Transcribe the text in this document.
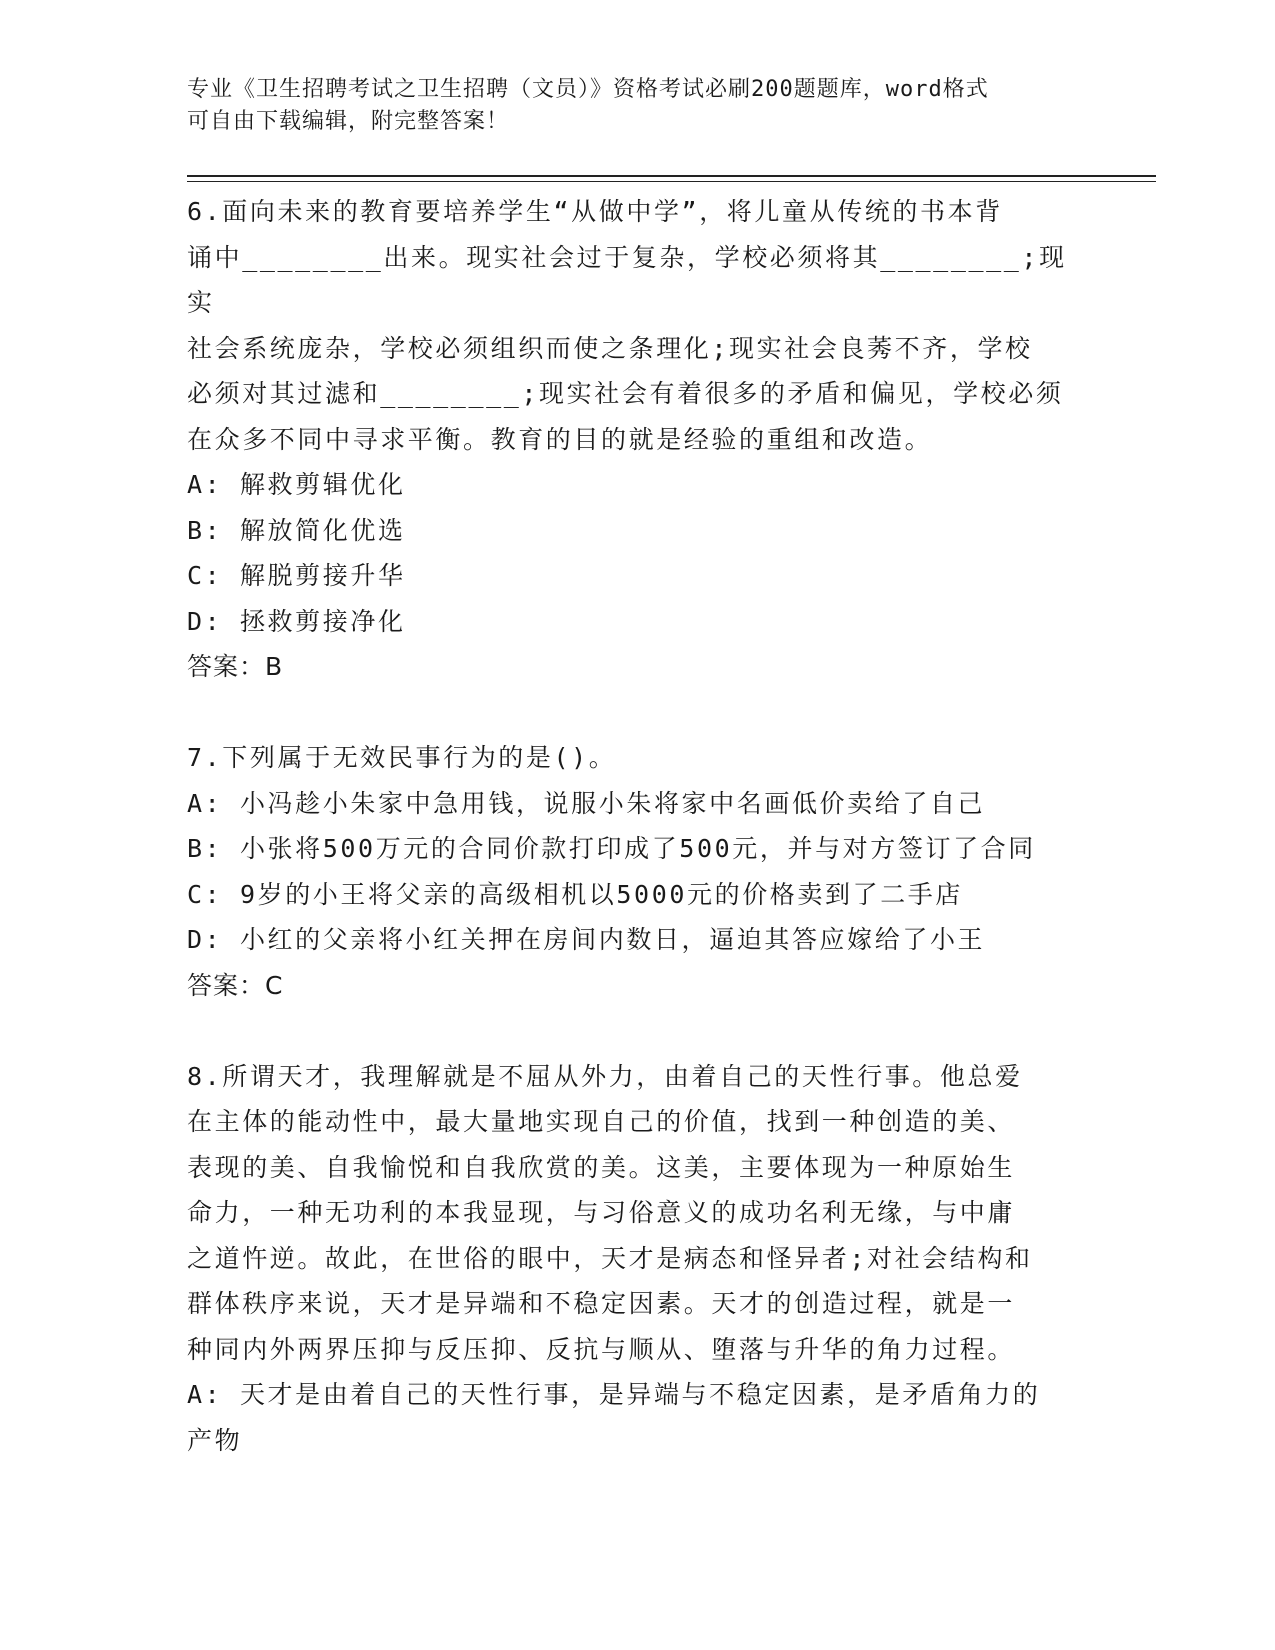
专业《卫生招聘考试之卫生招聘（文员）》资格考试必刷200题题库，word格式
可自由下载编辑，附完整答案！

6.面向未来的教育要培养学生“从做中学”，将儿童从传统的书本背

诵中________出来。现实社会过于复杂，学校必须将其________;现实

社会系统庞杂，学校必须组织而使之条理化;现实社会良莠不齐，学校

必须对其过滤和________;现实社会有着很多的矛盾和偏见，学校必须

在众多不同中寻求平衡。教育的目的就是经验的重组和改造。

A: 解救剪辑优化

B: 解放简化优选

C: 解脱剪接升华

D: 拯救剪接净化

答案：B

7.下列属于无效民事行为的是()。

A: 小冯趁小朱家中急用钱，说服小朱将家中名画低价卖给了自己

B: 小张将500万元的合同价款打印成了500元，并与对方签订了合同

C: 9岁的小王将父亲的高级相机以5000元的价格卖到了二手店

D: 小红的父亲将小红关押在房间内数日，逼迫其答应嫁给了小王

答案：C

8.所谓天才，我理解就是不屈从外力，由着自己的天性行事。他总爱

在主体的能动性中，最大量地实现自己的价值，找到一种创造的美、

表现的美、自我愉悦和自我欣赏的美。这美，主要体现为一种原始生

命力，一种无功利的本我显现，与习俗意义的成功名利无缘，与中庸

之道忤逆。故此，在世俗的眼中，天才是病态和怪异者;对社会结构和

群体秩序来说，天才是异端和不稳定因素。天才的创造过程，就是一

种同内外两界压抑与反压抑、反抗与顺从、堕落与升华的角力过程。

A: 天才是由着自己的天性行事，是异端与不稳定因素，是矛盾角力的

产物
